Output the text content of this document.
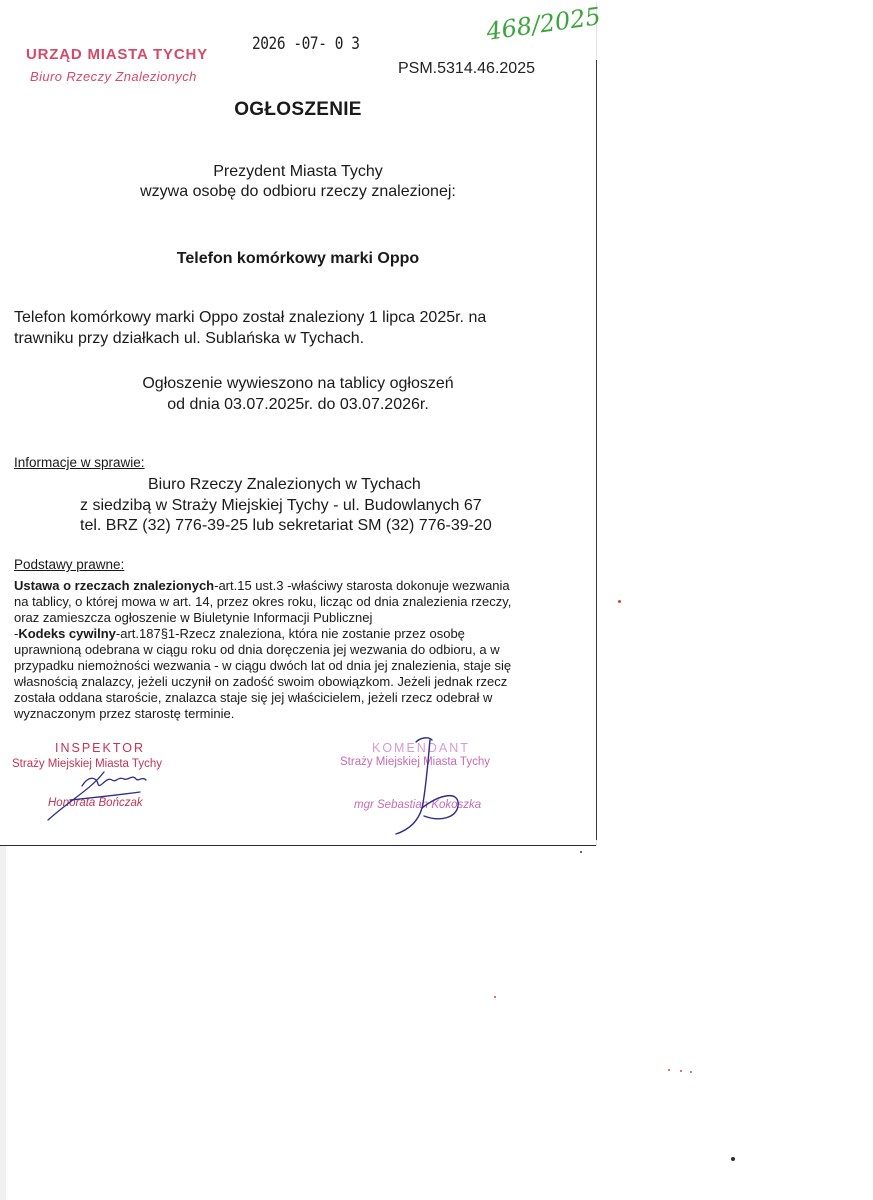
URZĄD MIASTA TYCHY
Biuro Rzeczy Znalezionych
2026 -07- 0 3
PSM.5314.46.2025
468/2025
OGŁOSZENIE
Prezydent Miasta Tychy
wzywa osobę do odbioru rzeczy znalezionej:
Telefon komórkowy marki Oppo
Telefon komórkowy marki Oppo został znaleziony 1 lipca 2025r. na
trawniku przy działkach ul. Sublańska w Tychach.
Ogłoszenie wywieszono na tablicy ogłoszeń
od dnia 03.07.2025r. do 03.07.2026r.
Informacje w sprawie:
Biuro Rzeczy Znalezionych w Tychach
z siedzibą w Straży Miejskiej Tychy - ul. Budowlanych 67
tel. BRZ (32) 776-39-25 lub sekretariat SM (32) 776-39-20
Podstawy prawne:
Ustawa o rzeczach znalezionych-art.15 ust.3 -właściwy starosta dokonuje wezwania
na tablicy, o której mowa w art. 14, przez okres roku, licząc od dnia znalezienia rzeczy,
oraz zamieszcza ogłoszenie w Biuletynie Informacji Publicznej
-Kodeks cywilny-art.187§1-Rzecz znaleziona, która nie zostanie przez osobę
uprawnioną odebrana w ciągu roku od dnia doręczenia jej wezwania do odbioru, a w
przypadku niemożności wezwania - w ciągu dwóch lat od dnia jej znalezienia, staje się
własnością znalazcy, jeżeli uczynił on zadość swoim obowiązkom. Jeżeli jednak rzecz
została oddana staroście, znalazca staje się jej właścicielem, jeżeli rzecz odebrał w
wyznaczonym przez starostę terminie.
INSPEKTOR
Straży Miejskiej Miasta Tychy
Honorata Bończak
KOMENDANT
Straży Miejskiej Miasta Tychy
mgr Sebastian Kokoszka
